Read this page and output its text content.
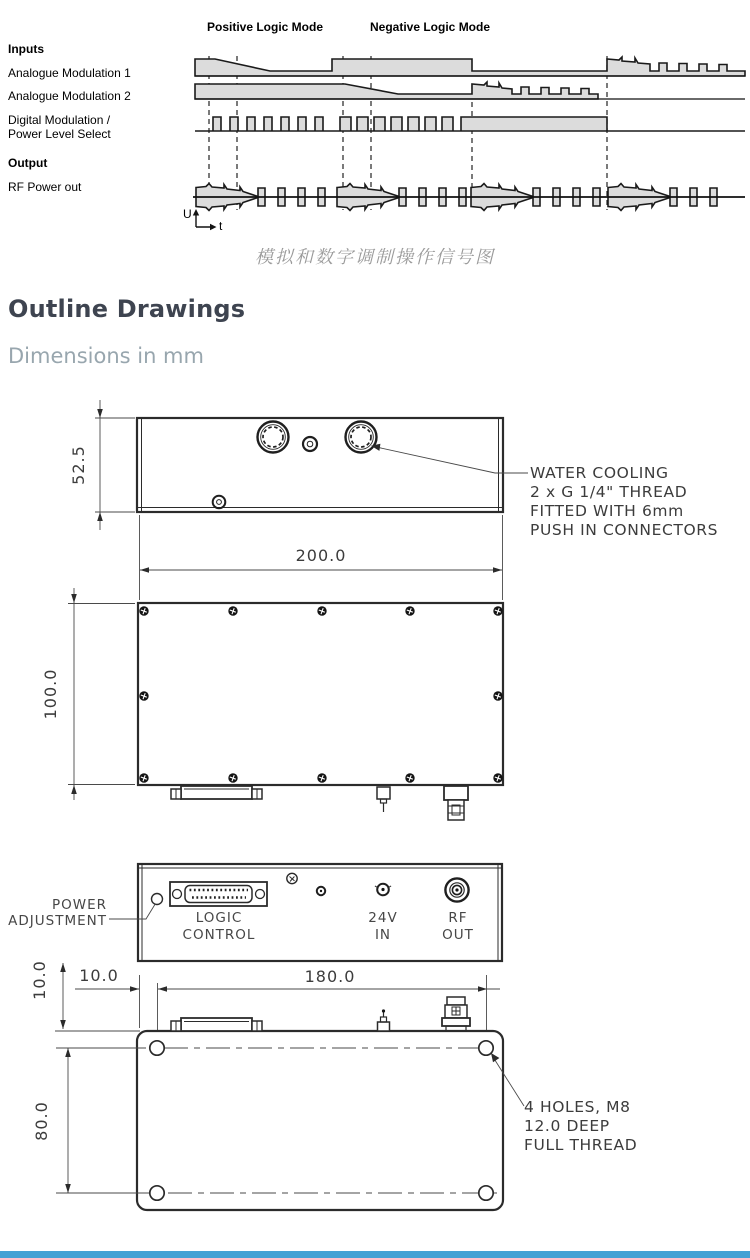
52.5
200.0
100.0
10.0	180.0
10.0
80.0
WATER COOLING
2 x G 1/4" THREAD
FITTED WITH 6mm
PUSH IN CONNECTORS
POWER
ADJUSTMENT	LOGIC
CONTROL
24V
IN
RF
OUT
4 HOLES, M8
12.0 DEEP
FULL THREAD
Positive Logic Mode	Negative Logic Mode
Inputs
Analogue Modulation 1
Analogue Modulation 2
Digital Modulation /
Power Level Select
Output
RF Power out
U
t
模拟和数字调制操作信号图
Outline Drawings
Dimensions in mm
